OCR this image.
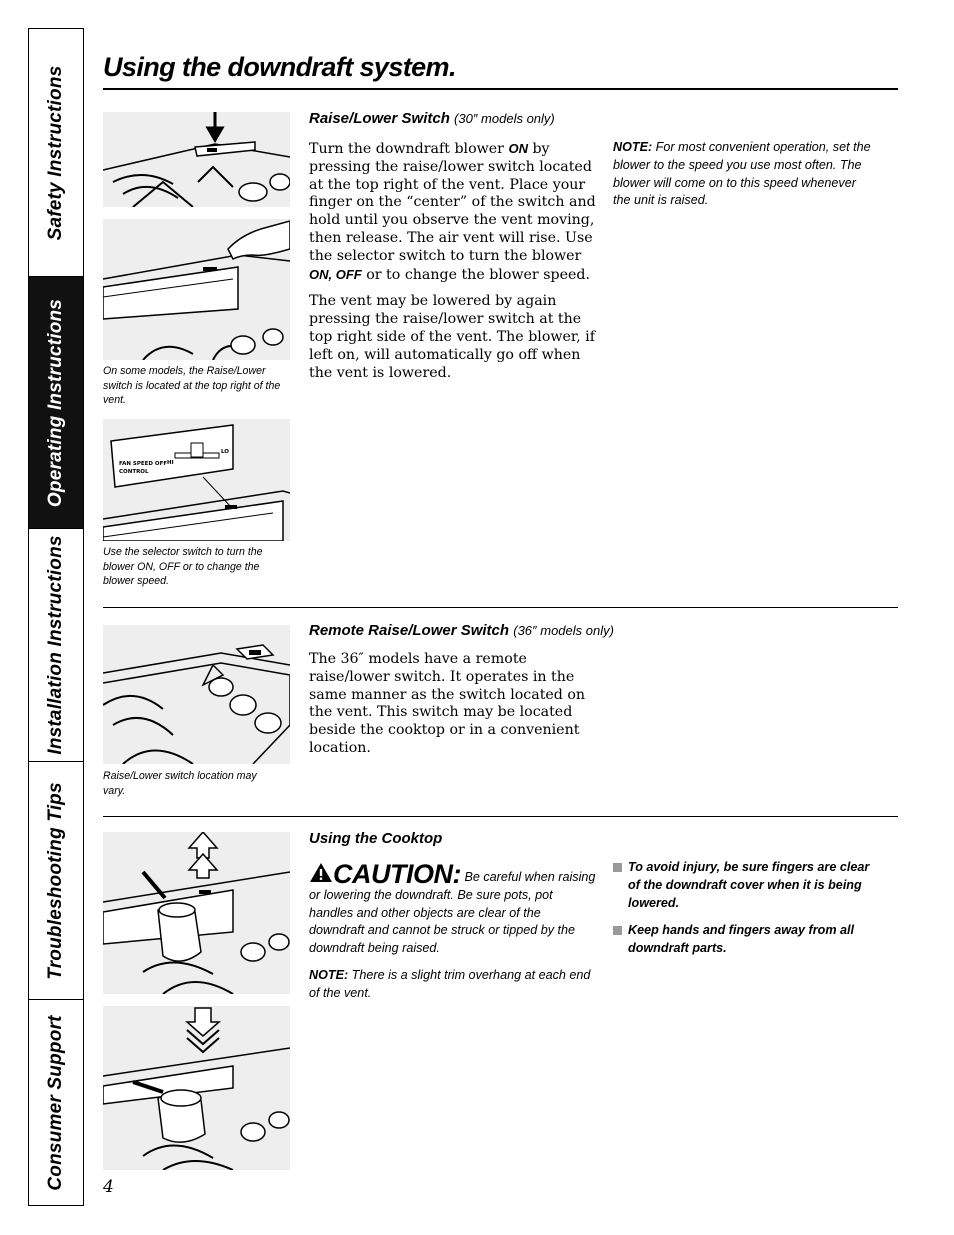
Safety Instructions
Operating Instructions
Installation Instructions
Troubleshooting Tips
Consumer Support
Using the downdraft system.
On some models, the Raise/Lower switch is located at the top right of the vent.
FAN SPEED OFF
CONTROL
HI
LO
Use the selector switch to turn the blower ON, OFF or to change the blower speed.
Raise/Lower Switch (30″ models only)

Turn the downdraft blower ON by pressing the raise/lower switch located at the top right of the vent. Place your finger on the “center” of the switch and hold until you observe the vent moving, then release. The air vent will rise. Use the selector switch to turn the blower ON, OFF or to change the blower speed.

The vent may be lowered by again pressing the raise/lower switch at the top right side of the vent. The blower, if left on, will automatically go off when the vent is lowered.

NOTE: For most convenient operation, set the blower to the speed you use most often. The blower will come on to this speed whenever the unit is raised.
Raise/Lower switch location may vary.
Remote Raise/Lower Switch (36″ models only)

The 36″ models have a remote raise/lower switch. It operates in the same manner as the switch located on the vent. This switch may be located beside the cooktop or in a convenient location.

Using the Cooktop

CAUTION: Be careful when raising or lowering the downdraft. Be sure pots, pot handles and other objects are clear of the downdraft and cannot be struck or tipped by the downdraft being raised.

NOTE: There is a slight trim overhang at each end of the vent.

To avoid injury, be sure fingers are clear of the downdraft cover when it is being lowered.
Keep hands and fingers away from all downdraft parts.
4
